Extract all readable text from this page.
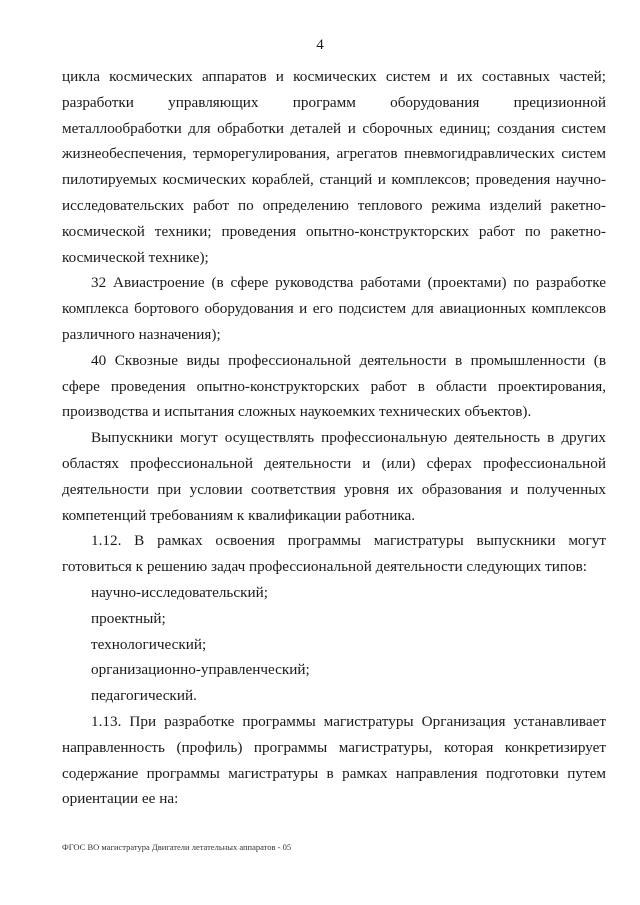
4

цикла космических аппаратов и космических систем и их составных частей; разработки управляющих программ оборудования прецизионной металлообработки для обработки деталей и сборочных единиц; создания систем жизнеобеспечения, терморегулирования, агрегатов пневмогидравлических систем пилотируемых космических кораблей, станций и комплексов; проведения научно-исследовательских работ по определению теплового режима изделий ракетно-космической техники; проведения опытно-конструкторских работ по ракетно-космической технике);

32 Авиастроение (в сфере руководства работами (проектами) по разработке комплекса бортового оборудования и его подсистем для авиационных комплексов различного назначения);

40 Сквозные виды профессиональной деятельности в промышленности (в сфере проведения опытно-конструкторских работ в области проектирования, производства и испытания сложных наукоемких технических объектов).

Выпускники могут осуществлять профессиональную деятельность в других областях профессиональной деятельности и (или) сферах профессиональной деятельности при условии соответствия уровня их образования и полученных компетенций требованиям к квалификации работника.

1.12. В рамках освоения программы магистратуры выпускники могут готовиться к решению задач профессиональной деятельности следующих типов:

научно-исследовательский;
проектный;
технологический;
организационно-управленческий;
педагогический.

1.13. При разработке программы магистратуры Организация устанавливает направленность (профиль) программы магистратуры, которая конкретизирует содержание программы магистратуры в рамках направления подготовки путем ориентации ее на:

ФГОС ВО магистратура Двигатели летательных аппаратов - 05
